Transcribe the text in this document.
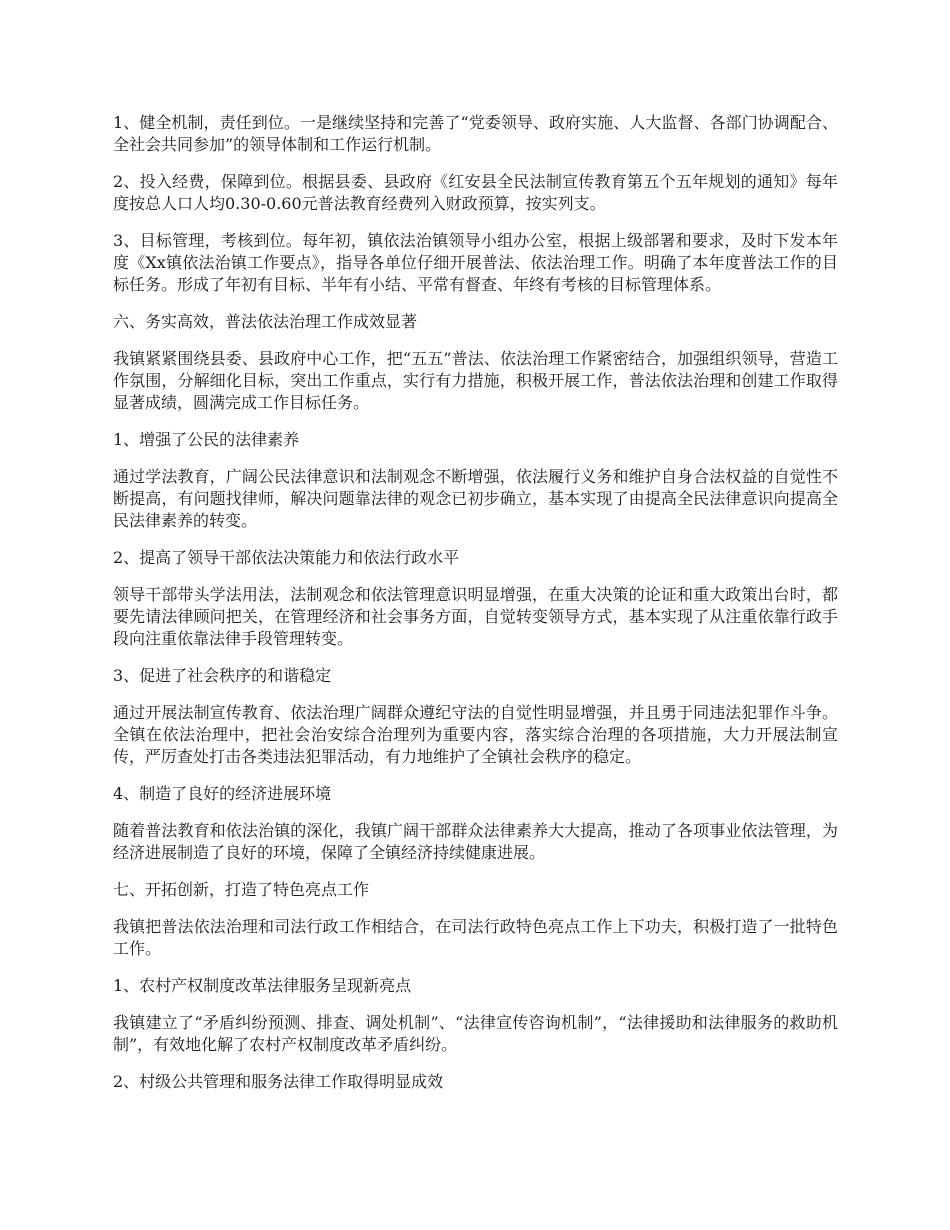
1、健全机制，责任到位。一是继续坚持和完善了“党委领导、政府实施、人大监督、各部门协调配合、全社会共同参加”的领导体制和工作运行机制。

2、投入经费，保障到位。根据县委、县政府《红安县全民法制宣传教育第五个五年规划的通知》每年度按总人口人均0.30-0.60元普法教育经费列入财政预算，按实列支。

3、目标管理，考核到位。每年初，镇依法治镇领导小组办公室，根据上级部署和要求，及时下发本年度《Xx镇依法治镇工作要点》，指导各单位仔细开展普法、依法治理工作。明确了本年度普法工作的目标任务。形成了年初有目标、半年有小结、平常有督查、年终有考核的目标管理体系。

六、务实高效，普法依法治理工作成效显著

我镇紧紧围绕县委、县政府中心工作，把“五五”普法、依法治理工作紧密结合，加强组织领导，营造工作氛围，分解细化目标，突出工作重点，实行有力措施，积极开展工作，普法依法治理和创建工作取得显著成绩，圆满完成工作目标任务。

1、增强了公民的法律素养

通过学法教育，广阔公民法律意识和法制观念不断增强，依法履行义务和维护自身合法权益的自觉性不断提高，有问题找律师，解决问题靠法律的观念已初步确立，基本实现了由提高全民法律意识向提高全民法律素养的转变。

2、提高了领导干部依法决策能力和依法行政水平

领导干部带头学法用法，法制观念和依法管理意识明显增强，在重大决策的论证和重大政策出台时，都要先请法律顾问把关，在管理经济和社会事务方面，自觉转变领导方式，基本实现了从注重依靠行政手段向注重依靠法律手段管理转变。

3、促进了社会秩序的和谐稳定

通过开展法制宣传教育、依法治理广阔群众遵纪守法的自觉性明显增强，并且勇于同违法犯罪作斗争。全镇在依法治理中，把社会治安综合治理列为重要内容，落实综合治理的各项措施，大力开展法制宣传，严厉查处打击各类违法犯罪活动，有力地维护了全镇社会秩序的稳定。

4、制造了良好的经济进展环境

随着普法教育和依法治镇的深化，我镇广阔干部群众法律素养大大提高，推动了各项事业依法管理，为经济进展制造了良好的环境，保障了全镇经济持续健康进展。

七、开拓创新，打造了特色亮点工作

我镇把普法依法治理和司法行政工作相结合，在司法行政特色亮点工作上下功夫，积极打造了一批特色工作。

1、农村产权制度改革法律服务呈现新亮点

我镇建立了“矛盾纠纷预测、排查、调处机制”、“法律宣传咨询机制”，“法律援助和法律服务的救助机制”，有效地化解了农村产权制度改革矛盾纠纷。

2、村级公共管理和服务法律工作取得明显成效
